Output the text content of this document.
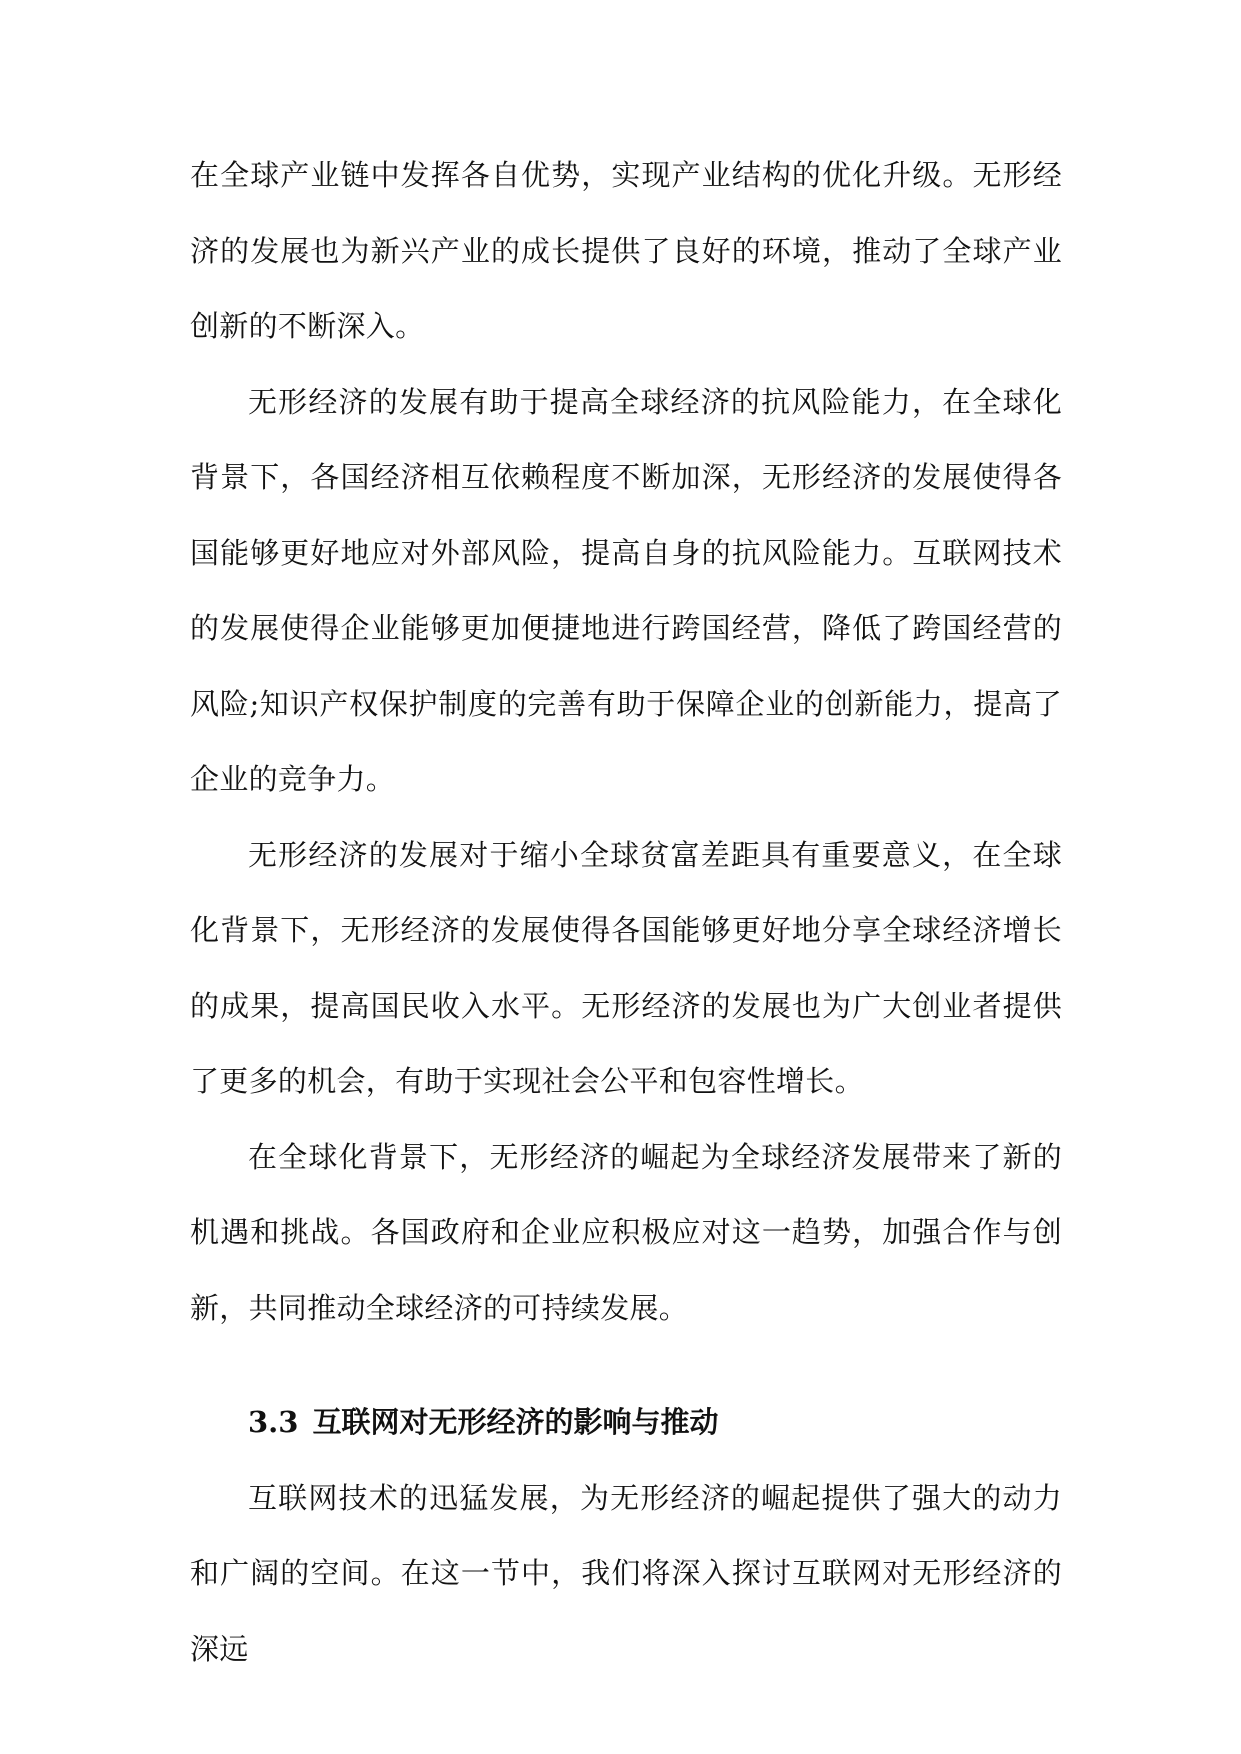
在全球产业链中发挥各自优势，实现产业结构的优化升级。无形经济的发展也为新兴产业的成长提供了良好的环境，推动了全球产业创新的不断深入。

无形经济的发展有助于提高全球经济的抗风险能力，在全球化背景下，各国经济相互依赖程度不断加深，无形经济的发展使得各国能够更好地应对外部风险，提高自身的抗风险能力。互联网技术的发展使得企业能够更加便捷地进行跨国经营，降低了跨国经营的风险;知识产权保护制度的完善有助于保障企业的创新能力，提高了企业的竞争力。

无形经济的发展对于缩小全球贫富差距具有重要意义，在全球化背景下，无形经济的发展使得各国能够更好地分享全球经济增长的成果，提高国民收入水平。无形经济的发展也为广大创业者提供了更多的机会，有助于实现社会公平和包容性增长。

在全球化背景下，无形经济的崛起为全球经济发展带来了新的机遇和挑战。各国政府和企业应积极应对这一趋势，加强合作与创新，共同推动全球经济的可持续发展。

3.3 互联网对无形经济的影响与推动

互联网技术的迅猛发展，为无形经济的崛起提供了强大的动力和广阔的空间。在这一节中，我们将深入探讨互联网对无形经济的深远
